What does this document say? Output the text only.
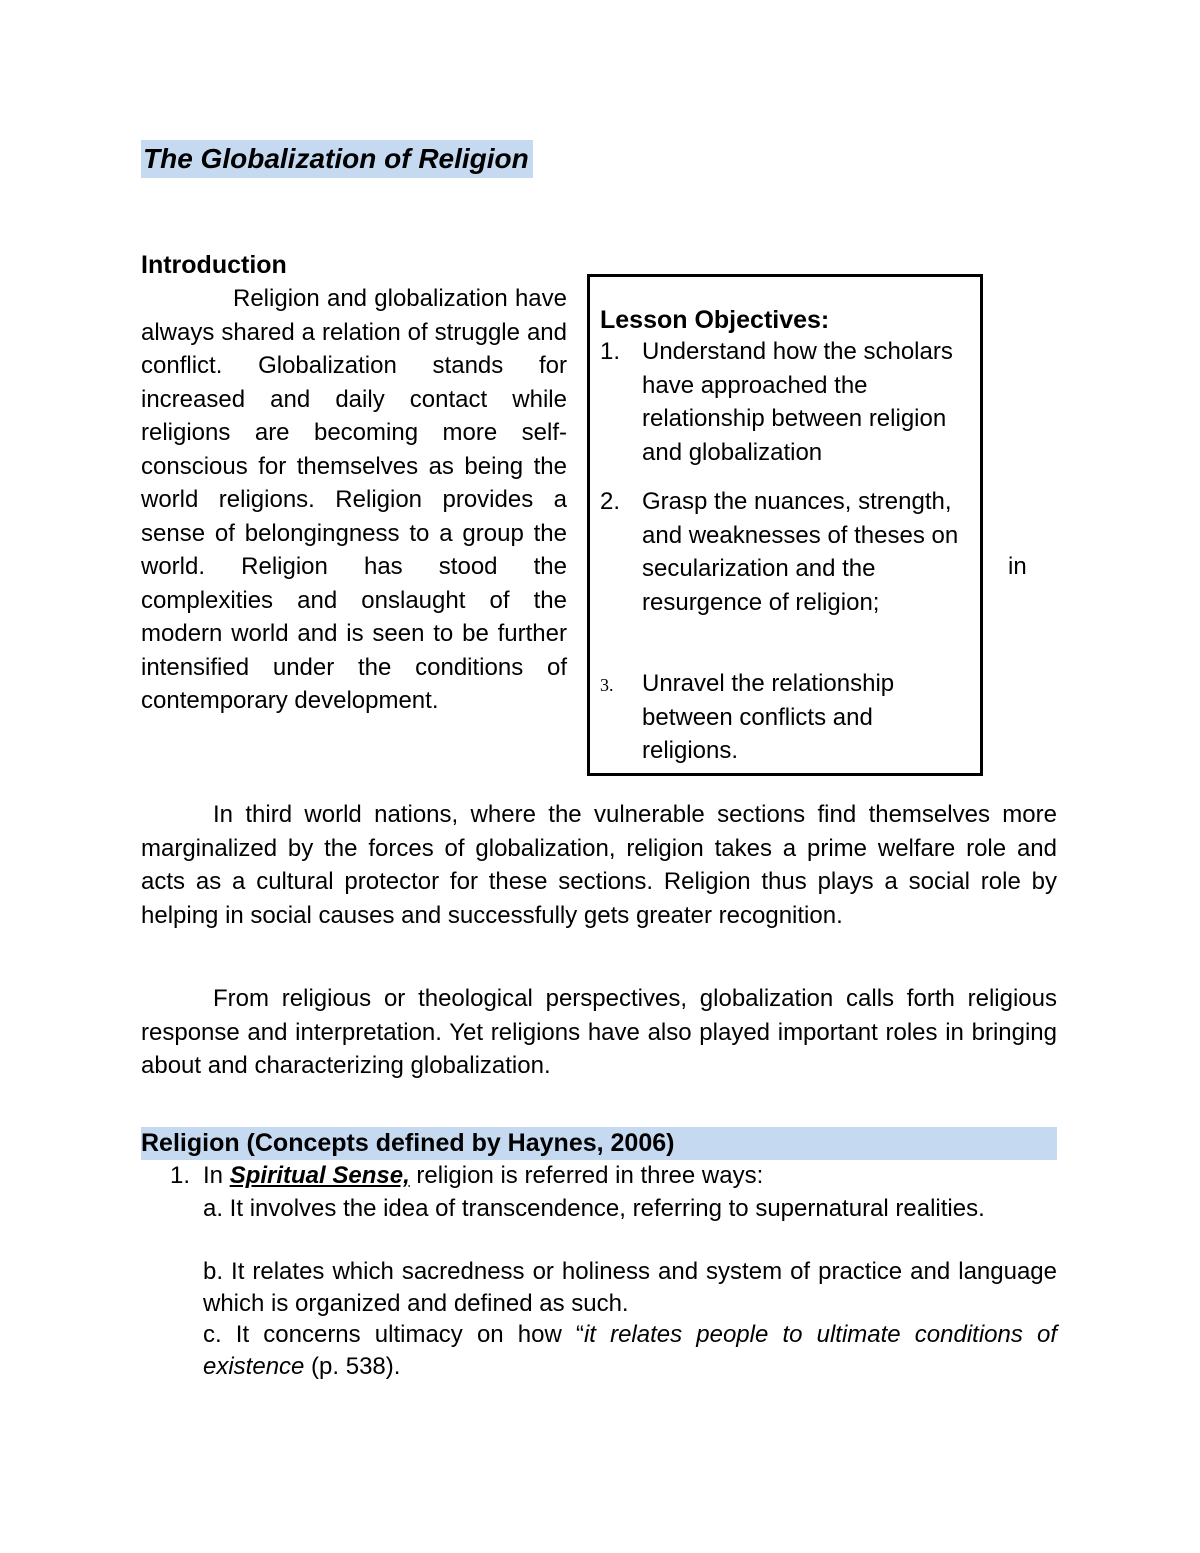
The Globalization of Religion
Introduction

Religion and globalization have always shared a relation of struggle and conflict. Globalization stands for increased and daily contact while religions are becoming more self-conscious for themselves as being the world religions. Religion provides a sense of belongingness to a group the world. Religion has stood the complexities and onslaught of the modern world and is seen to be further intensified under the conditions of contemporary development.

Lesson Objectives:
1. Understand how the scholars have approached the relationship between religion and globalization
2. Grasp the nuances, strength, and weaknesses of theses on secularization and the resurgence of religion;
3. Unravel the relationship between conflicts and religions.
in

In third world nations, where the vulnerable sections find themselves more marginalized by the forces of globalization, religion takes a prime welfare role and acts as a cultural protector for these sections. Religion thus plays a social role by helping in social causes and successfully gets greater recognition.

From religious or theological perspectives, globalization calls forth religious response and interpretation. Yet religions have also played important roles in bringing about and characterizing globalization.

Religion (Concepts defined by Haynes, 2006)
1. In Spiritual Sense, religion is referred in three ways:
a. It involves the idea of transcendence, referring to supernatural realities.
b. It relates which sacredness or holiness and system of practice and language which is organized and defined as such.
c. It concerns ultimacy on how “it relates people to ultimate conditions of existence (p. 538).
